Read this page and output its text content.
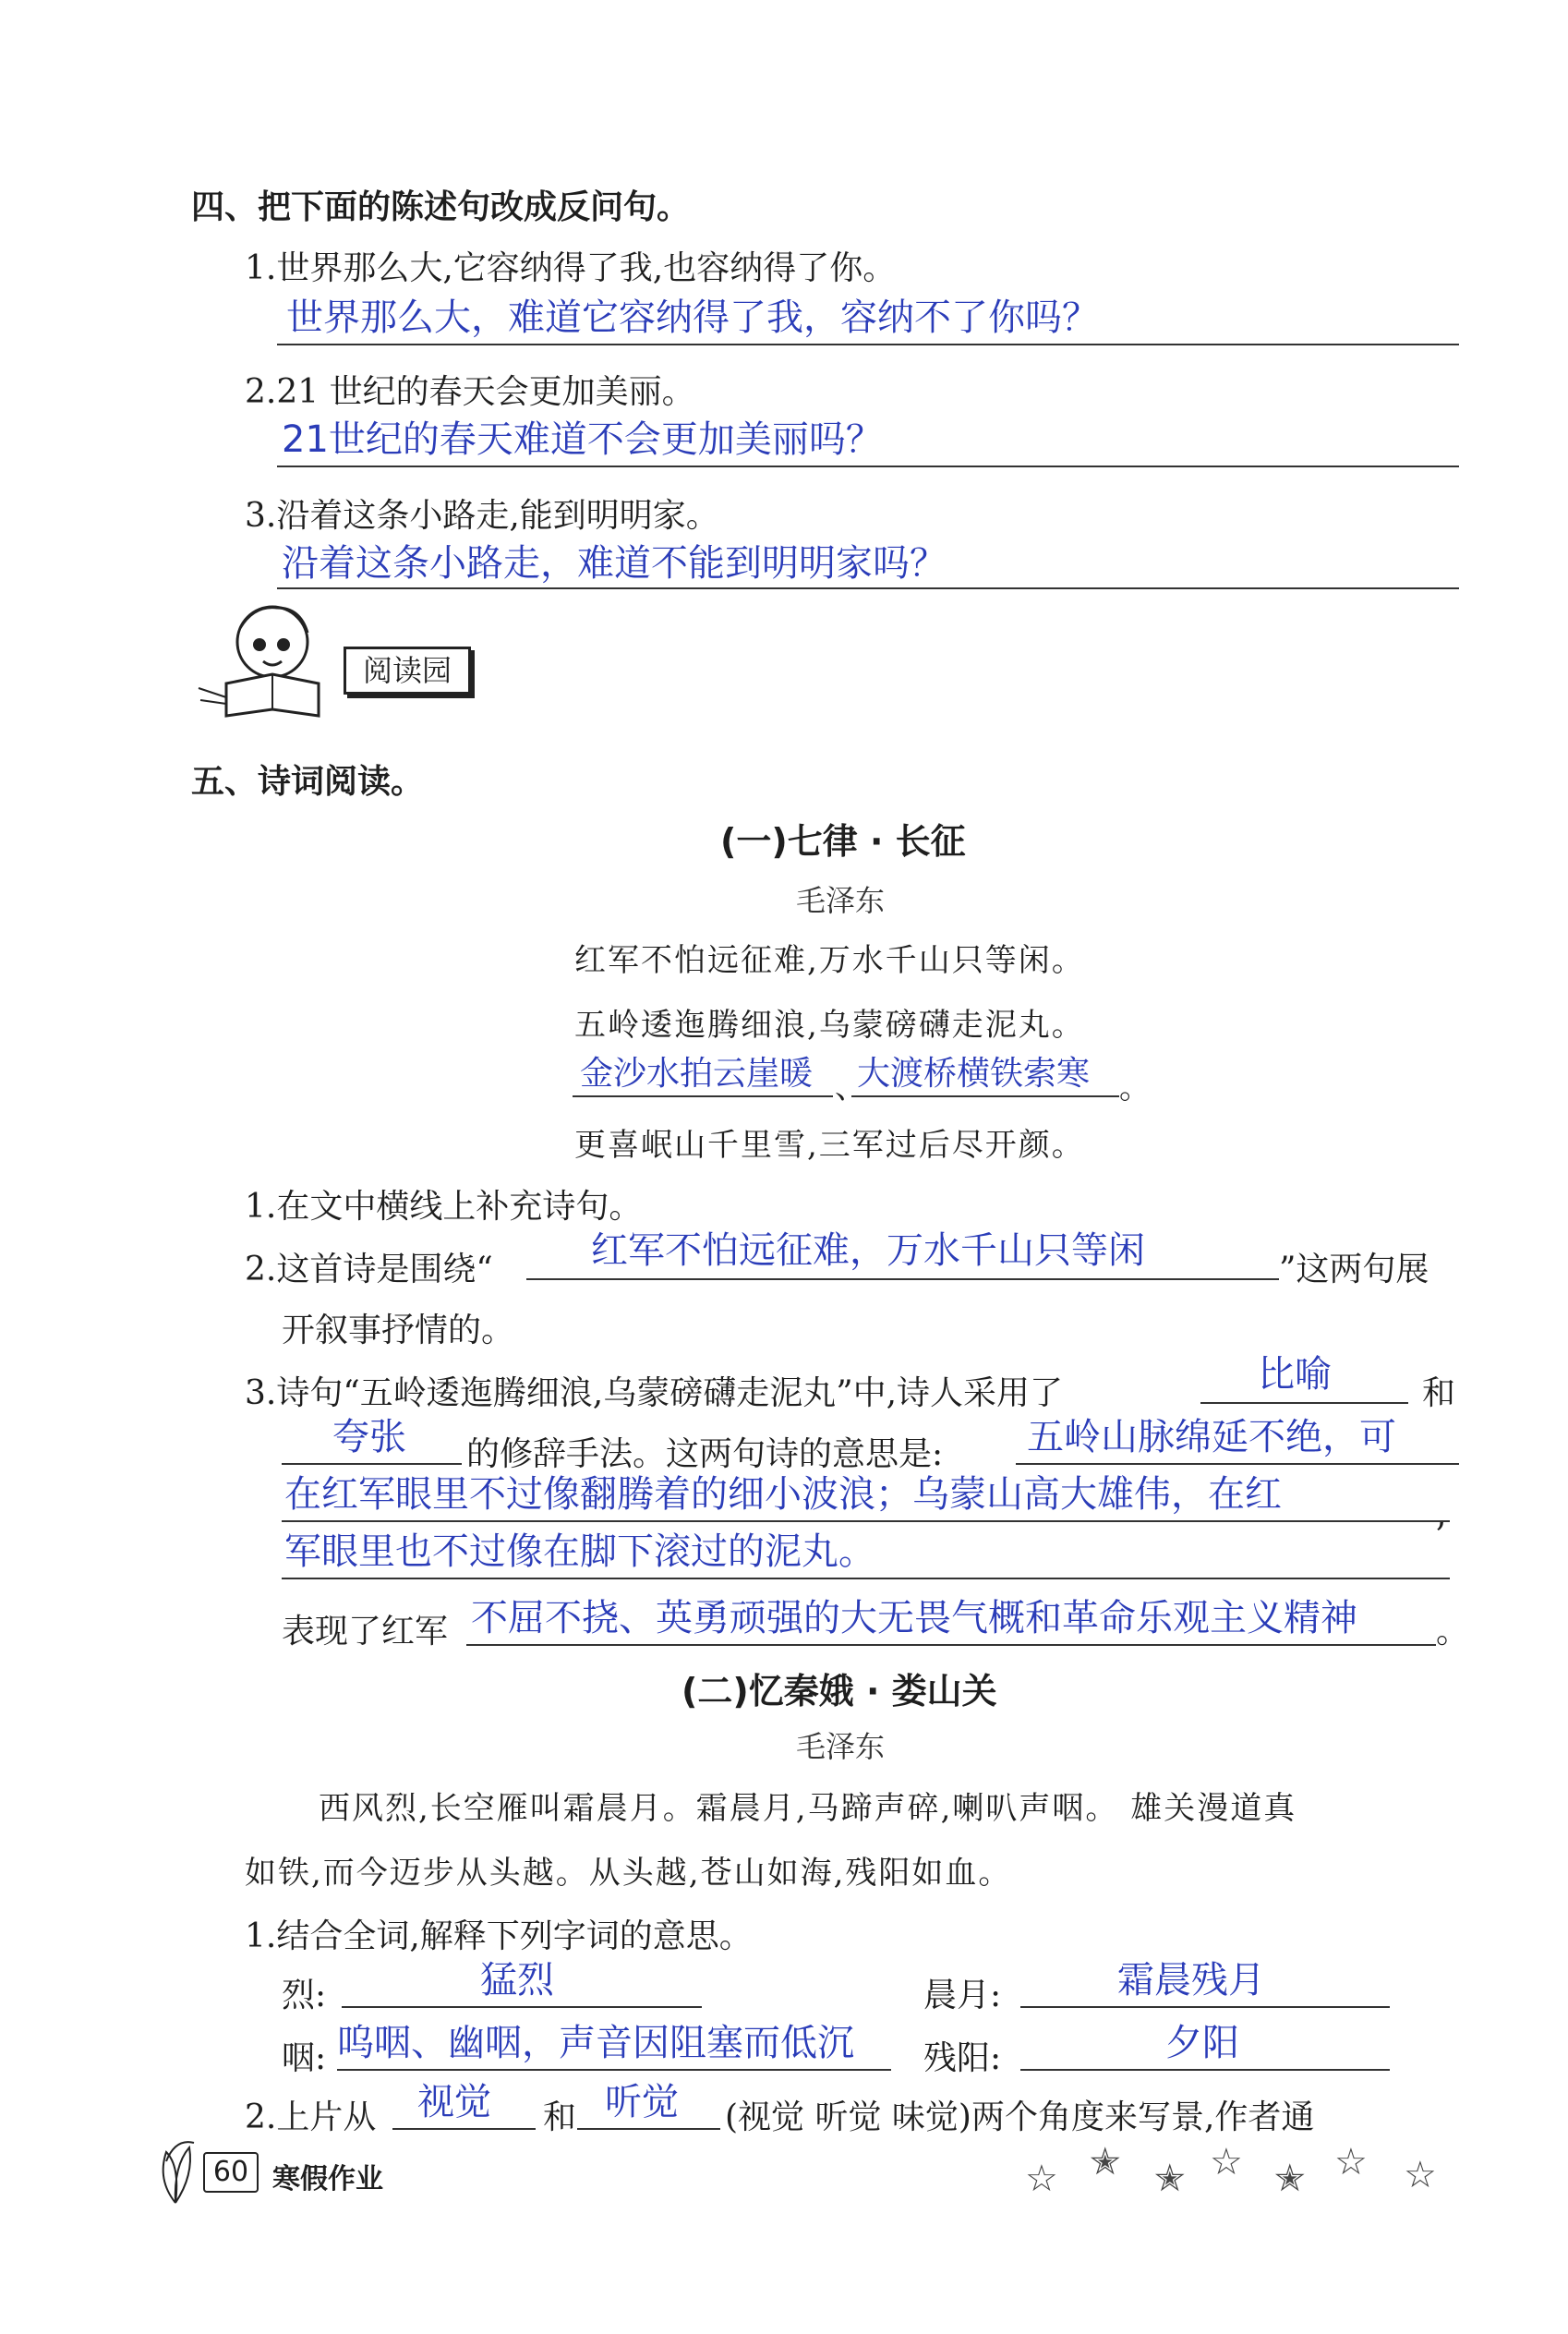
四、把下面的陈述句改成反问句。
1.世界那么大,它容纳得了我,也容纳得了你。
世界那么大，难道它容纳得了我，容纳不了你吗？
2.21 世纪的春天会更加美丽。
21世纪的春天难道不会更加美丽吗？
3.沿着这条小路走,能到明明家。
沿着这条小路走，难道不能到明明家吗？
阅读园
五、诗词阅读。
(一)七律 · 长征
毛泽东
红军不怕远征难,万水千山只等闲。
五岭逶迤腾细浪,乌蒙磅礴走泥丸。
金沙水拍云崖暖 、
大渡桥横铁索寒 。
更喜岷山千里雪,三军过后尽开颜。
1.在文中横线上补充诗句。
2.这首诗是围绕“	红军不怕远征难，万水千山只等闲	”这两句展
开叙事抒情的。
3.诗句“五岭逶迤腾细浪,乌蒙磅礴走泥丸”中,诗人采用了	比喻	和
夸张 的修辞手法。这两句诗的意思是: 五岭山脉绵延不绝，可
在红军眼里不过像翻腾着的细小波浪；乌蒙山高大雄伟，在红	,
军眼里也不过像在脚下滚过的泥丸。
表现了红军 不屈不挠、英勇顽强的大无畏气概和革命乐观主义精神 。
(二)忆秦娥 · 娄山关
毛泽东
西风烈,长空雁叫霜晨月。霜晨月,马蹄声碎,喇叭声咽。 雄关漫道真
如铁,而今迈步从头越。从头越,苍山如海,残阳如血。
1.结合全词,解释下列字词的意思。
烈:	猛烈	晨月:	霜晨残月
咽: 呜咽、幽咽，声音因阻塞而低沉 残阳:	夕阳
2.上片从 视觉 和 听觉 (视觉 听觉 味觉)两个角度来写景,作者通
60 寒假作业	☆ ✭ ✭ ☆ ✭ ☆ ☆
